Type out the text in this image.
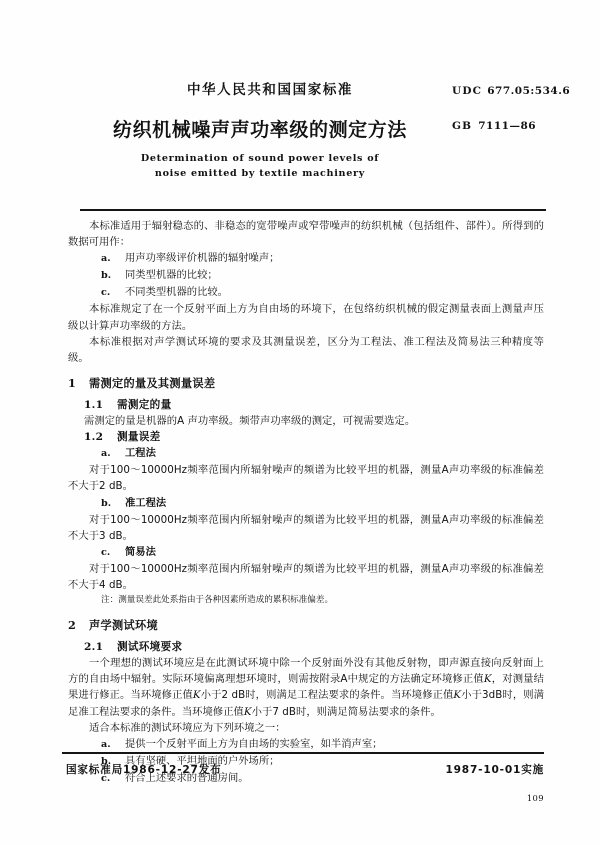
中华人民共和国国家标准
纺织机械噪声声功率级的测定方法
Determination of sound power levels of
noise emitted by textile machinery
UDC 677.05:534.6
GB 7111—86

本标准适用于辐射稳态的、非稳态的宽带噪声或窄带噪声的纺织机械（包括组件、部件）。所得到的数据可用作：

a. 用声功率级评价机器的辐射噪声；
b. 同类型机器的比较；
c. 不同类型机器的比较。

本标准规定了在一个反射平面上方为自由场的环境下，在包络纺织机械的假定测量表面上测量声压级以计算声功率级的方法。

本标准根据对声学测试环境的要求及其测量误差，区分为工程法、准工程法及简易法三种精度等级。

1 需测定的量及其测量误差
1.1 需测定的量

需测定的量是机器的A 声功率级。频带声功率级的测定，可视需要选定。

1.2 测量误差
a. 工程法

对于100～10000Hz频率范围内所辐射噪声的频谱为比较平坦的机器，测量A声功率级的标准偏差不大于2 dB。

b. 准工程法

对于100～10000Hz频率范围内所辐射噪声的频谱为比较平坦的机器，测量A声功率级的标准偏差不大于3 dB。

c. 简易法

对于100～10000Hz频率范围内所辐射噪声的频谱为比较平坦的机器，测量A声功率级的标准偏差不大于4 dB。

注：测量误差此处系指由于各种因素所造成的累积标准偏差。
2 声学测试环境
2.1 测试环境要求

一个理想的测试环境应是在此测试环境中除一个反射面外没有其他反射物，即声源直接向反射面上方的自由场中辐射。实际环境偏离理想环境时，则需按附录A中规定的方法确定环境修正值K，对测量结果进行修正。当环境修正值K小于2 dB时，则满足工程法要求的条件。当环境修正值K小于3dB时，则满足准工程法要求的条件。当环境修正值K小于7 dB时，则满足简易法要求的条件。

适合本标准的测试环境应为下列环境之一：

a. 提供一个反射平面上方为自由场的实验室，如半消声室；
b. 具有坚硬、平坦地面的户外场所；
c. 符合上述要求的普通房间。
国家标准局1986-12-27发布	1987-10-01实施
109
